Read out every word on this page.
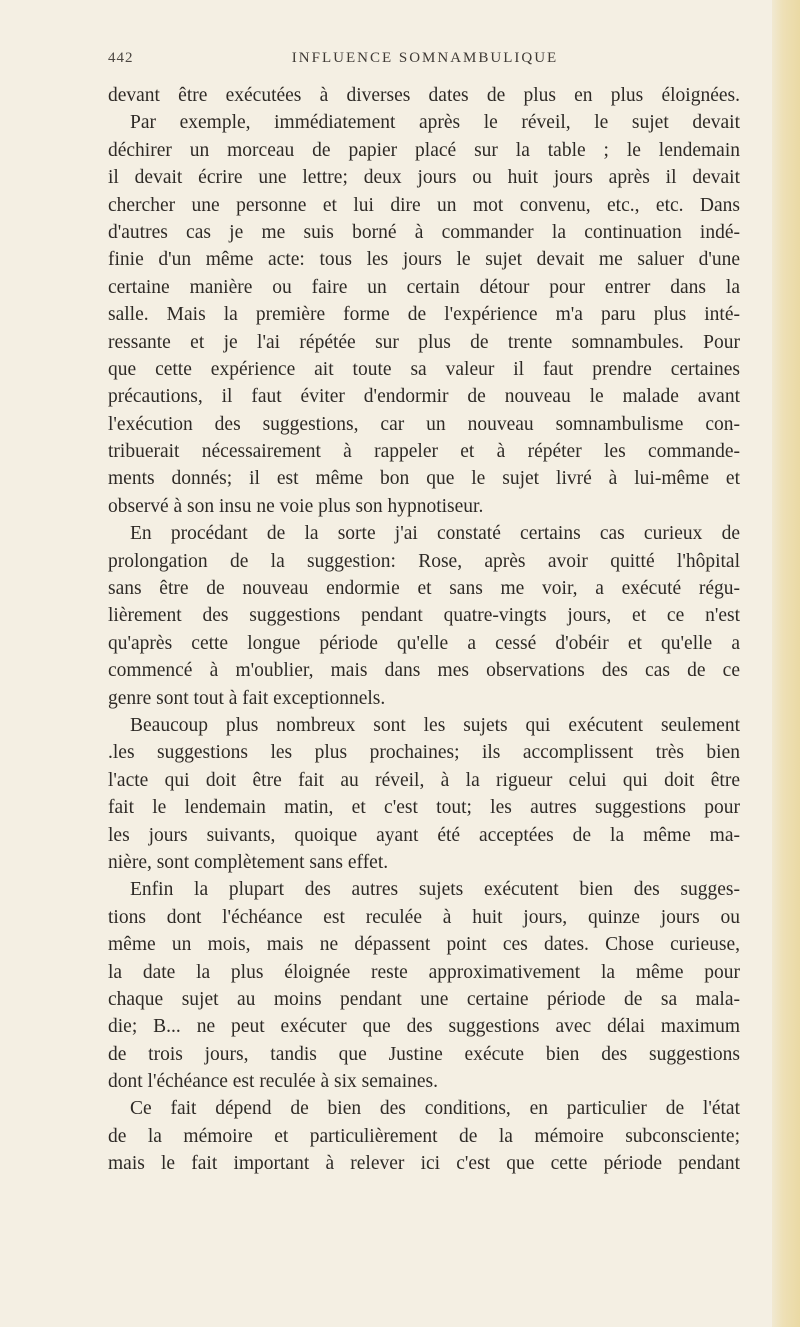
442	INFLUENCE SOMNAMBULIQUE
devant être exécutées à diverses dates de plus en plus éloignées.
Par exemple, immédiatement après le réveil, le sujet devait
déchirer un morceau de papier placé sur la table ; le lendemain
il devait écrire une lettre; deux jours ou huit jours après il devait
chercher une personne et lui dire un mot convenu, etc., etc. Dans
d'autres cas je me suis borné à commander la continuation indé-
finie d'un même acte: tous les jours le sujet devait me saluer d'une
certaine manière ou faire un certain détour pour entrer dans la
salle. Mais la première forme de l'expérience m'a paru plus inté-
ressante et je l'ai répétée sur plus de trente somnambules. Pour
que cette expérience ait toute sa valeur il faut prendre certaines
précautions, il faut éviter d'endormir de nouveau le malade avant
l'exécution des suggestions, car un nouveau somnambulisme con-
tribuerait nécessairement à rappeler et à répéter les commande-
ments donnés; il est même bon que le sujet livré à lui-même et
observé à son insu ne voie plus son hypnotiseur.
En procédant de la sorte j'ai constaté certains cas curieux de
prolongation de la suggestion: Rose, après avoir quitté l'hôpital
sans être de nouveau endormie et sans me voir, a exécuté régu-
lièrement des suggestions pendant quatre-vingts jours, et ce n'est
qu'après cette longue période qu'elle a cessé d'obéir et qu'elle a
commencé à m'oublier, mais dans mes observations des cas de ce
genre sont tout à fait exceptionnels.
Beaucoup plus nombreux sont les sujets qui exécutent seulement
.les suggestions les plus prochaines; ils accomplissent très bien
l'acte qui doit être fait au réveil, à la rigueur celui qui doit être
fait le lendemain matin, et c'est tout; les autres suggestions pour
les jours suivants, quoique ayant été acceptées de la même ma-
nière, sont complètement sans effet.
Enfin la plupart des autres sujets exécutent bien des sugges-
tions dont l'échéance est reculée à huit jours, quinze jours ou
même un mois, mais ne dépassent point ces dates. Chose curieuse,
la date la plus éloignée reste approximativement la même pour
chaque sujet au moins pendant une certaine période de sa mala-
die; B... ne peut exécuter que des suggestions avec délai maximum
de trois jours, tandis que Justine exécute bien des suggestions
dont l'échéance est reculée à six semaines.
Ce fait dépend de bien des conditions, en particulier de l'état
de la mémoire et particulièrement de la mémoire subconsciente;
mais le fait important à relever ici c'est que cette période pendant
